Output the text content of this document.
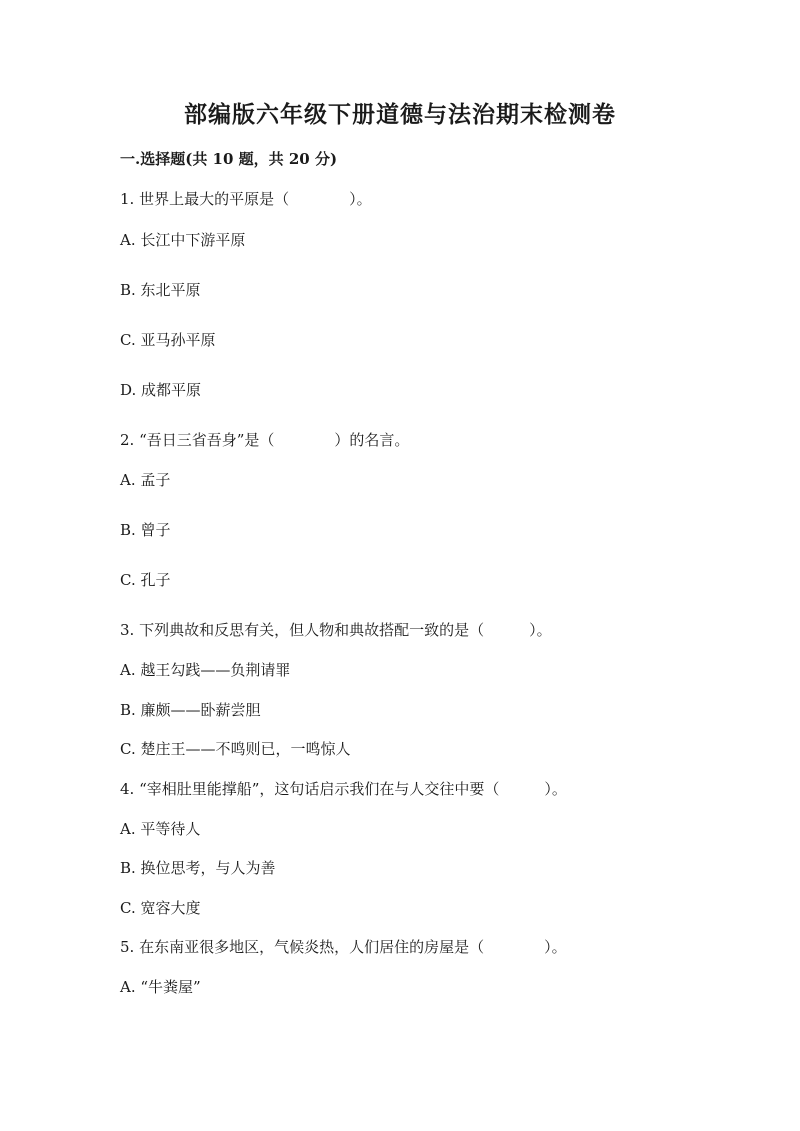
部编版六年级下册道德与法治期末检测卷
一.选择题(共 10 题，共 20 分)

1. 世界上最大的平原是（　　　　）。

A. 长江中下游平原

B. 东北平原

C. 亚马孙平原

D. 成都平原

2. “吾日三省吾身”是（　　　　）的名言。

A. 孟子

B. 曾子

C. 孔子

3. 下列典故和反思有关，但人物和典故搭配一致的是（　　　）。

A. 越王勾践——负荆请罪

B. 廉颇——卧薪尝胆

C. 楚庄王——不鸣则已，一鸣惊人

4. “宰相肚里能撑船”，这句话启示我们在与人交往中要（　　　）。

A. 平等待人

B. 换位思考，与人为善

C. 宽容大度

5. 在东南亚很多地区，气候炎热，人们居住的房屋是（　　　　）。

A. “牛粪屋”
